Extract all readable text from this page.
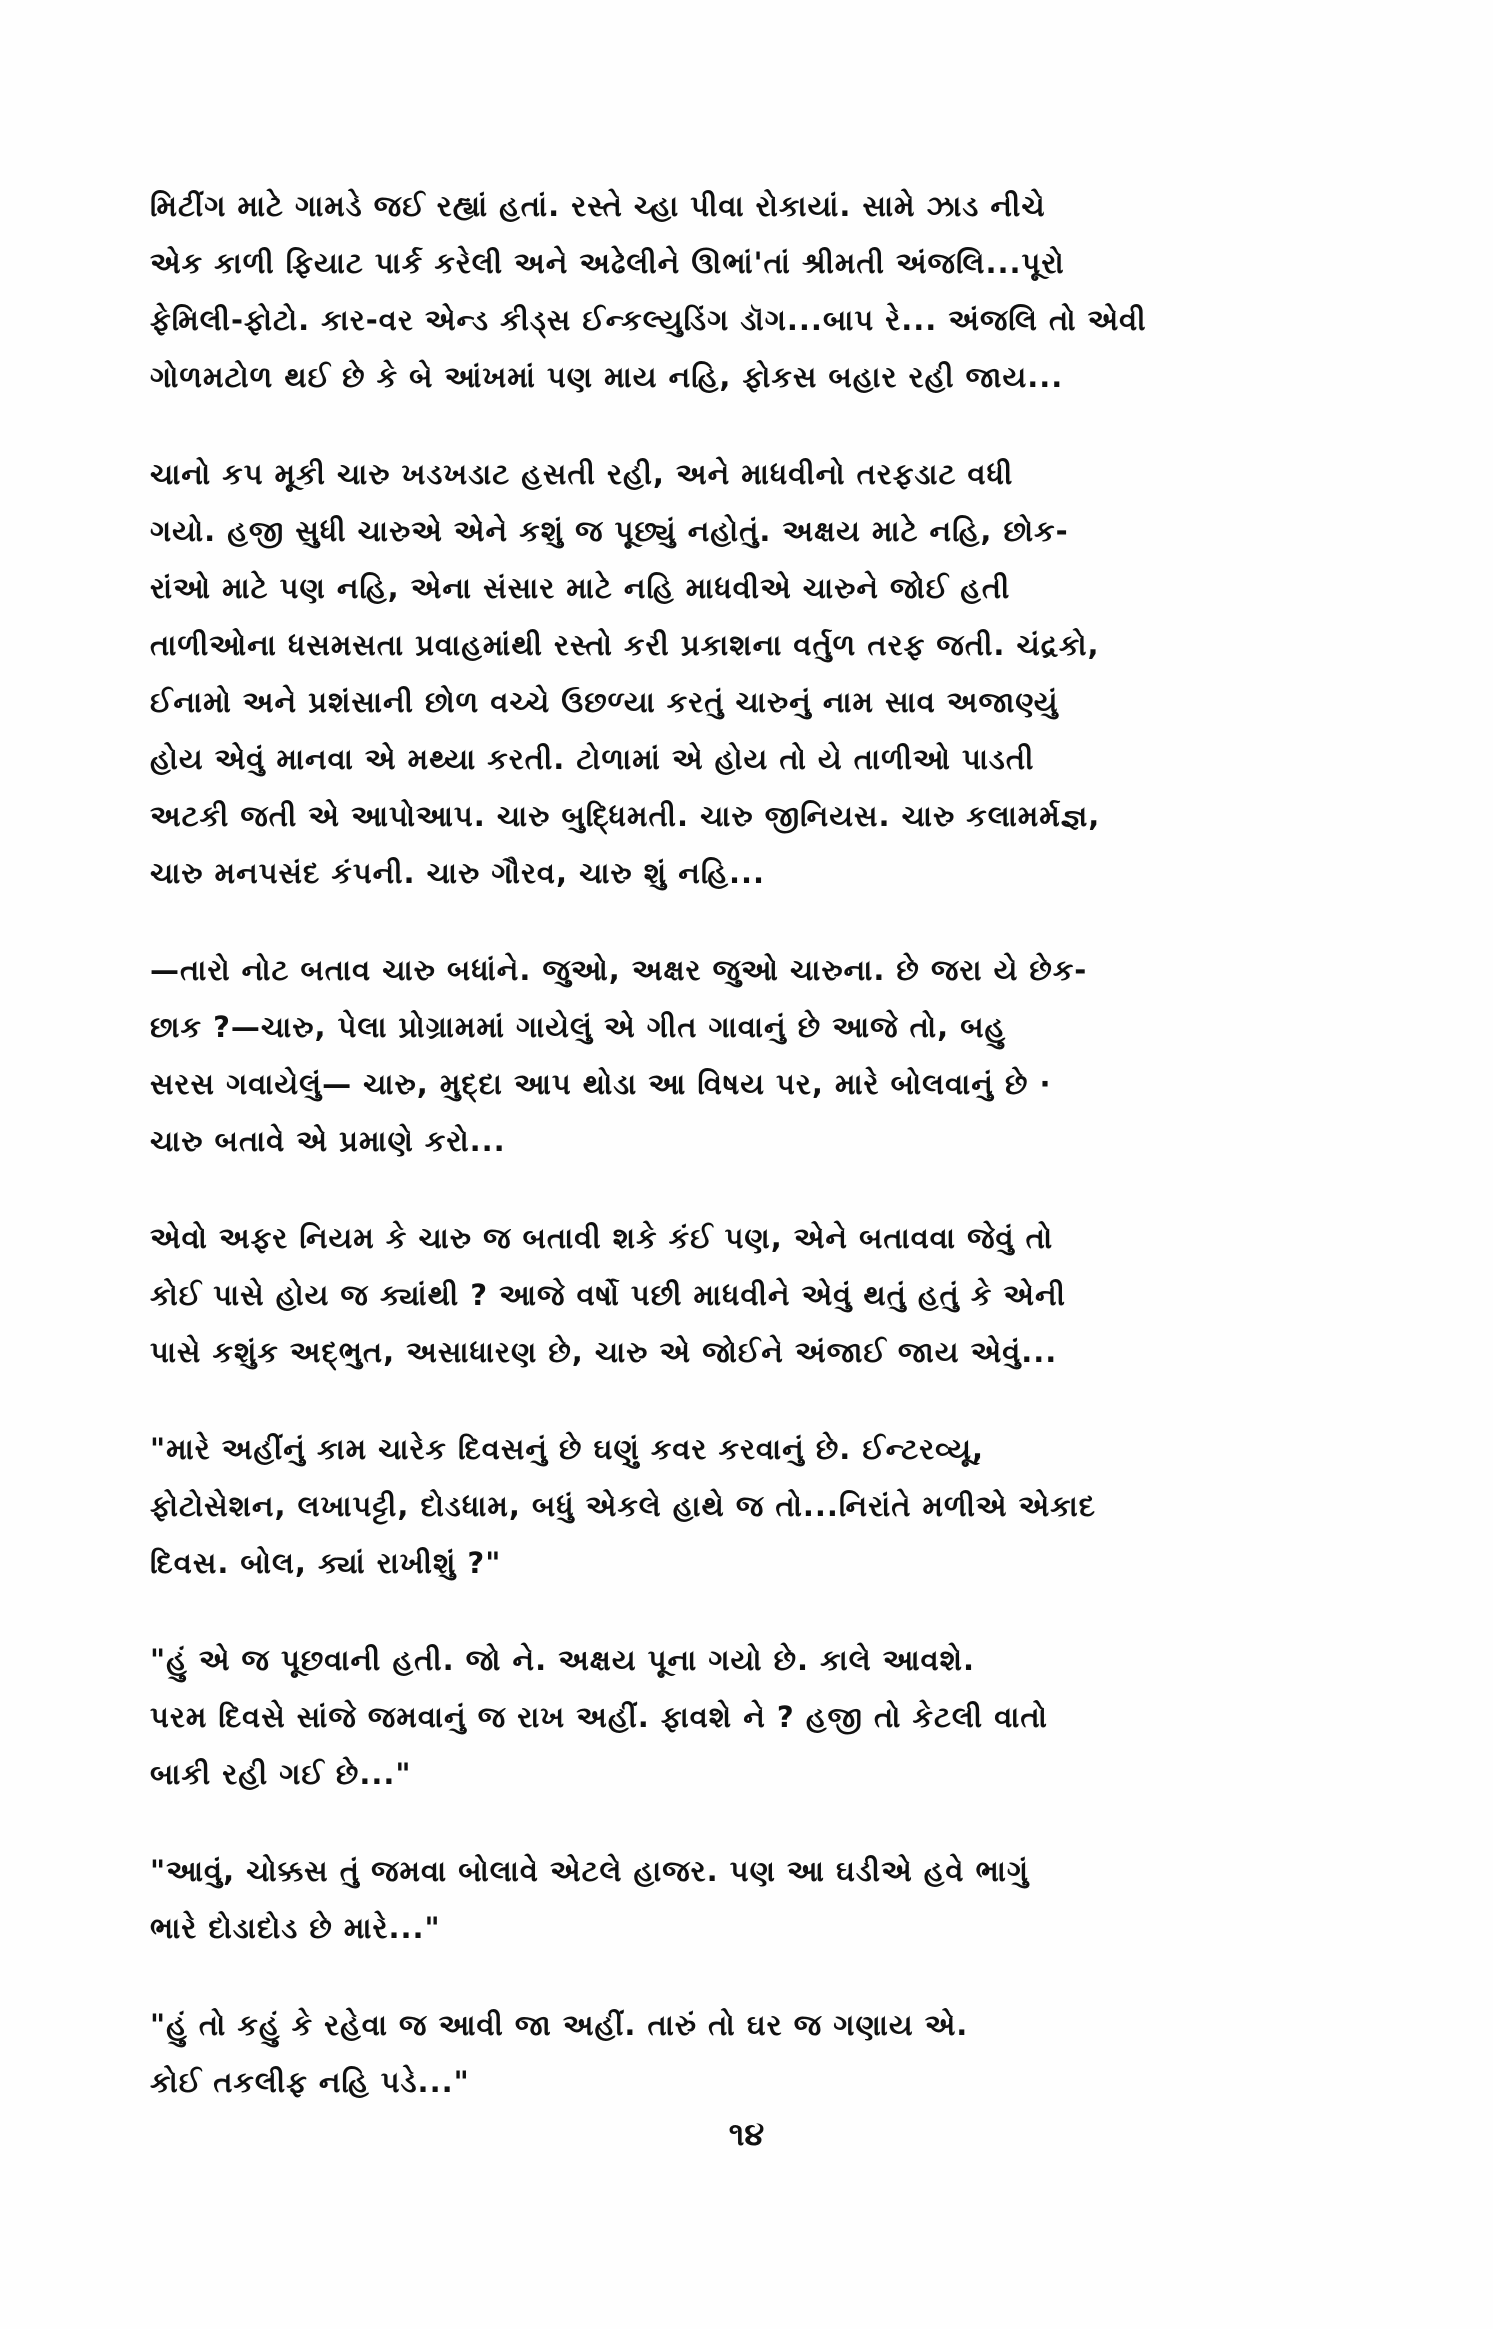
મિટીંગ માટે ગામડે જઈ રહ્યાં હતાં. રસ્તે ચ્હા પીવા રોકાયાં. સામે ઝાડ નીચે
એક કાળી ફિયાટ પાર્ક કરેલી અને અઢેલીને ઊભાં'તાં શ્રીમતી અંજલિ...પૂરો
ફેમિલી-ફોટો. કાર-વર એન્ડ કીડ્સ ઈન્કલ્યુડિંગ ડૉગ...બાપ રે... અંજલિ તો એવી
ગોળમટોળ થઈ છે કે બે આંખમાં પણ માય નહિ, ફોકસ બહાર રહી જાય...
ચાનો કપ મૂકી ચારુ ખડખડાટ હસતી રહી, અને માધવીનો તરફડાટ વધી
ગયો. હજી સુધી ચારુએ એને કશું જ પૂછ્યું નહોતું. અક્ષય માટે નહિ, છોક-
રાંઓ માટે પણ નહિ, એના સંસાર માટે નહિ માધવીએ ચારુને જોઈ હતી
તાળીઓના ધસમસતા પ્રવાહમાંથી રસ્તો કરી પ્રકાશના વર્તુળ તરફ જતી. ચંદ્રકો,
ઈનામો અને પ્રશંસાની છોળ વચ્ચે ઉછળ્યા કરતું ચારુનું નામ સાવ અજાણ્યું
હોય એવું માનવા એ મથ્યા કરતી. ટોળામાં એ હોય તો યે તાળીઓ પાડતી
અટકી જતી એ આપોઆપ. ચારુ બુદ્ધિમતી. ચારુ જીનિયસ. ચારુ કલામર્મજ્ઞ,
ચારુ મનપસંદ કંપની. ચારુ ગૌરવ, ચારુ શું નહિ...
—તારો નોટ બતાવ ચારુ બધાંને. જુઓ, અક્ષર જુઓ ચારુના. છે જરા યે છેક-
છાક ?—ચારુ, પેલા પ્રોગ્રામમાં ગાયેલું એ ગીત ગાવાનું છે આજે તો, બહુ
સરસ ગવાયેલું— ચારુ, મુદ્દા આપ થોડા આ વિષય પર, મારે બોલવાનું છે ·
ચારુ બતાવે એ પ્રમાણે કરો...
એવો અફર નિયમ કે ચારુ જ બતાવી શકે કંઈ પણ, એને બતાવવા જેવું તો
કોઈ પાસે હોય જ ક્યાંથી ? આજે વર્ષો પછી માધવીને એવું થતું હતું કે એની
પાસે કશુંક અદ્ભુત, અસાધારણ છે, ચારુ એ જોઈને અંજાઈ જાય એવું...
"મારે અહીંનું કામ ચારેક દિવસનું છે ઘણું કવર કરવાનું છે. ઈન્ટરવ્યૂ,
ફોટોસેશન, લખાપટ્ટી, દોડધામ, બધું એકલે હાથે જ તો...નિરાંતે મળીએ એકાદ
દિવસ. બોલ, ક્યાં રાખીશું ?"
"હું એ જ પૂછવાની હતી. જો ને. અક્ષય પૂના ગયો છે. કાલે આવશે.
પરમ દિવસે સાંજે જમવાનું જ રાખ અહીં. ફાવશે ને ? હજી તો કેટલી વાતો
બાકી રહી ગઈ છે..."
"આવું, ચોક્કસ તું જમવા બોલાવે એટલે હાજર. પણ આ ઘડીએ હવે ભાગું
ભારે દોડાદોડ છે મારે..."
"હું તો કહું કે રહેવા જ આવી જા અહીં. તારું તો ઘર જ ગણાય એ.
કોઈ તકલીફ નહિ પડે..."
૧૪
